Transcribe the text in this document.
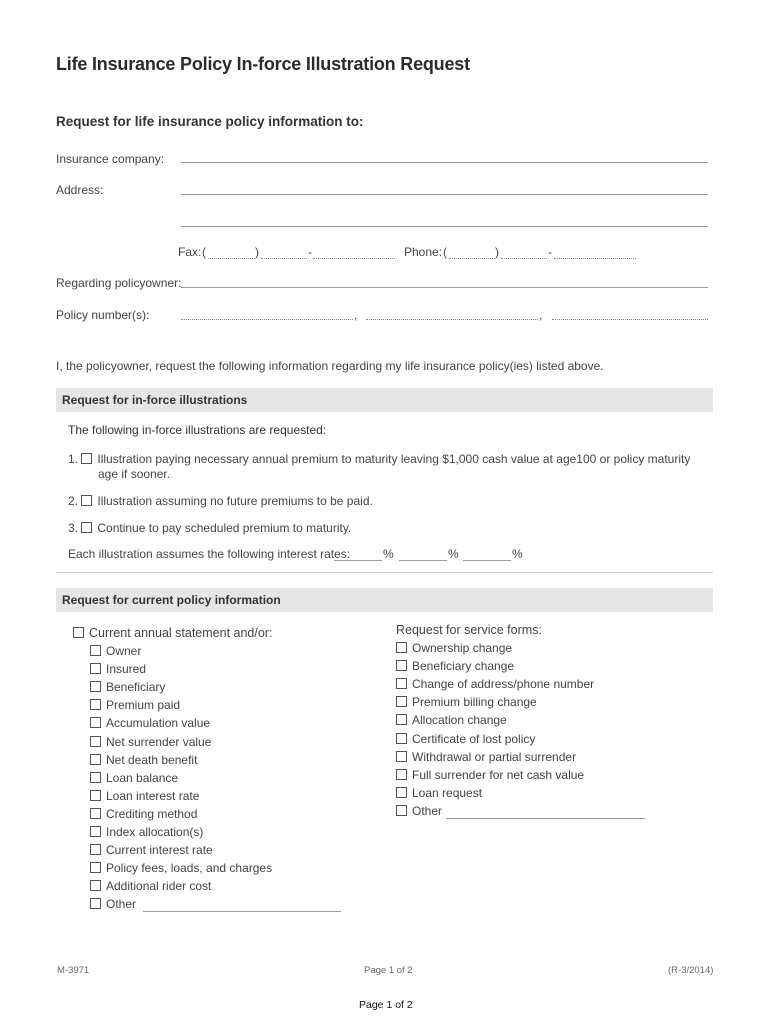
Life Insurance Policy In-force Illustration Request
Request for life insurance policy information to:
Insurance company:
Address:
Fax: (	)	-	Phone: (	)	-
Regarding policyowner:
Policy number(s):	,	,
I, the policyowner, request the following information regarding my life insurance policy(ies) listed above.
Request for in-force illustrations
The following in-force illustrations are requested:
1. Illustration paying necessary annual premium to maturity leaving $1,000 cash value at age100 or policy maturity
age if sooner.
2. Illustration assuming no future premiums to be paid.
3. Continue to pay scheduled premium to maturity.
Each illustration assumes the following interest rates:	%	%	%
Request for current policy information
Current annual statement and/or:
Owner
Insured
Beneficiary
Premium paid
Accumulation value
Net surrender value
Net death benefit
Loan balance
Loan interest rate
Crediting method
Index allocation(s)
Current interest rate
Policy fees, loads, and charges
Additional rider cost
Other
Request for service forms:
Ownership change
Beneficiary change
Change of address/phone number
Premium billing change
Allocation change
Certificate of lost policy
Withdrawal or partial surrender
Full surrender for net cash value
Loan request
Other
M-3971	Page 1 of 2	(R-3/2014)
Page 1 of 2
